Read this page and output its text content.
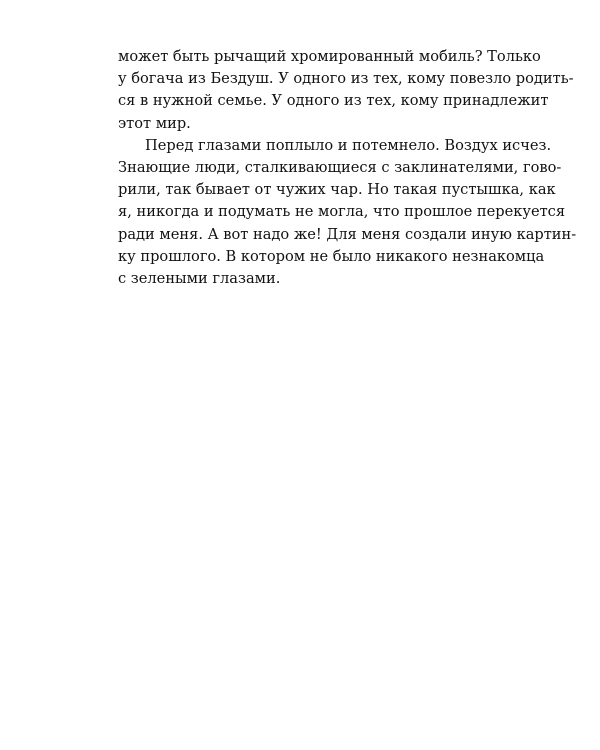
может быть рычащий хромированный мобиль? Только
у богача из Бездуш. У одного из тех, кому повезло родить-
ся в нужной семье. У одного из тех, кому принадлежит
этот мир.
Перед глазами поплыло и потемнело. Воздух исчез.
Знающие люди, сталкивающиеся с заклинателями, гово-
рили, так бывает от чужих чар. Но такая пустышка, как
я, никогда и подумать не могла, что прошлое перекуется
ради меня. А вот надо же! Для меня создали иную картин-
ку прошлого. В котором не было никакого незнакомца
с зелеными глазами.
